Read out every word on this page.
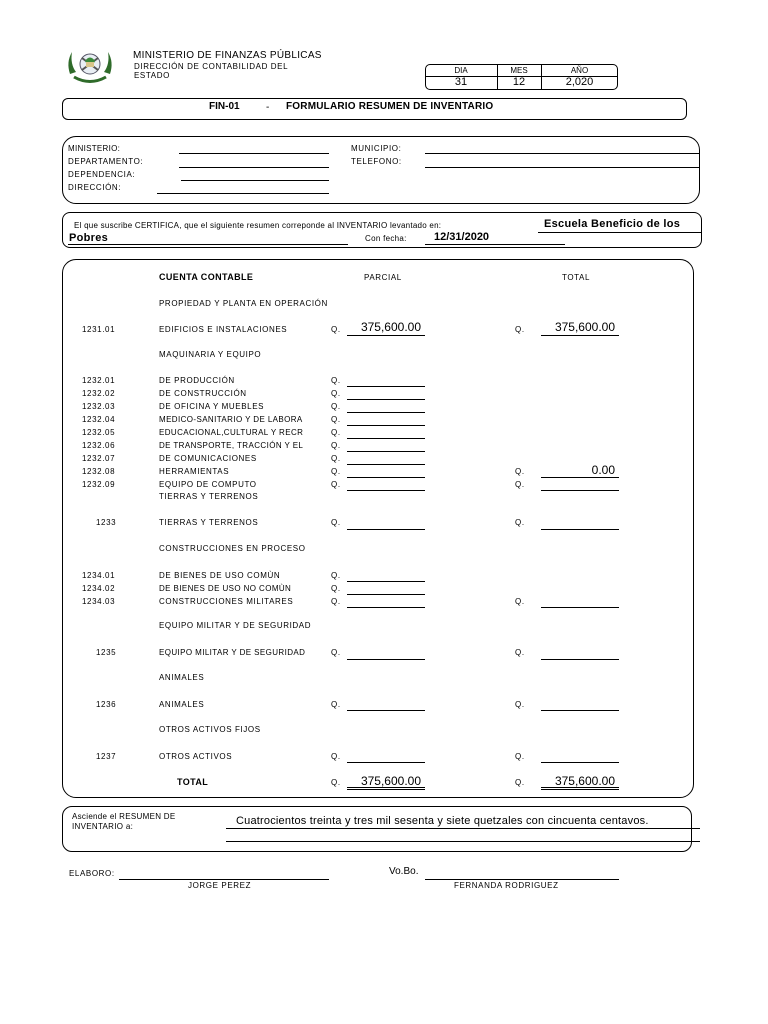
MINISTERIO DE FINANZAS PÚBLICAS
DIRECCIÓN DE CONTABILIDAD DEL
ESTADO
DIA	MES	AÑO
31	12	2,020
FIN-01	- FORMULARIO RESUMEN DE INVENTARIO
MINISTERIO:
DEPARTAMENTO:
DEPENDENCIA:
DIRECCIÓN:
MUNICIPIO:
TELEFONO:
El que suscribe CERTIFICA, que el siguiente resumen correponde al INVENTARIO levantado en:	Escuela Beneficio de los
Pobres	Con fecha: 12/31/2020
CUENTA CONTABLE	PARCIAL	TOTAL
PROPIEDAD Y PLANTA EN OPERACIÓN
MAQUINARIA Y EQUIPO
CONSTRUCCIONES EN PROCESO
EQUIPO MILITAR Y DE SEGURIDAD
ANIMALES
OTROS ACTIVOS FIJOS
1231.01	EDIFICIOS E INSTALACIONES	Q.	375,600.00	Q.	375,600.00
1232.01	DE PRODUCCIÓN	Q.
1232.02	DE CONSTRUCCIÓN	Q.
1232.03	DE OFICINA Y MUEBLES	Q.
1232.04	MEDICO-SANITARIO Y DE LABORA	Q.
1232.05	EDUCACIONAL,CULTURAL Y RECR	Q.
1232.06	DE TRANSPORTE, TRACCIÓN Y EL	Q.
1232.07	DE COMUNICACIONES	Q.
1232.08	HERRAMIENTAS	Q.	Q.	0.00
1232.09	EQUIPO DE COMPUTO	Q.	Q.
TIERRAS Y TERRENOS
1233	TIERRAS Y TERRENOS	Q.	Q.
1234.01	DE BIENES DE USO COMÙN	Q.
1234.02	DE BIENES DE USO NO COMÙN	Q.
1234.03	CONSTRUCCIONES MILITARES	Q.	Q.
1235	EQUIPO MILITAR Y DE SEGURIDAD	Q.	Q.
1236	ANIMALES	Q.	Q.
1237	OTROS ACTIVOS	Q.	Q.
TOTAL	Q.	375,600.00	Q.	375,600.00
Asciende el RESUMEN DE
INVENTARIO a:	Cuatrocientos treinta y tres mil sesenta y siete quetzales con cincuenta centavos.
ELABORO:
JORGE PEREZ
Vo.Bo.
FERNANDA RODRIGUEZ
